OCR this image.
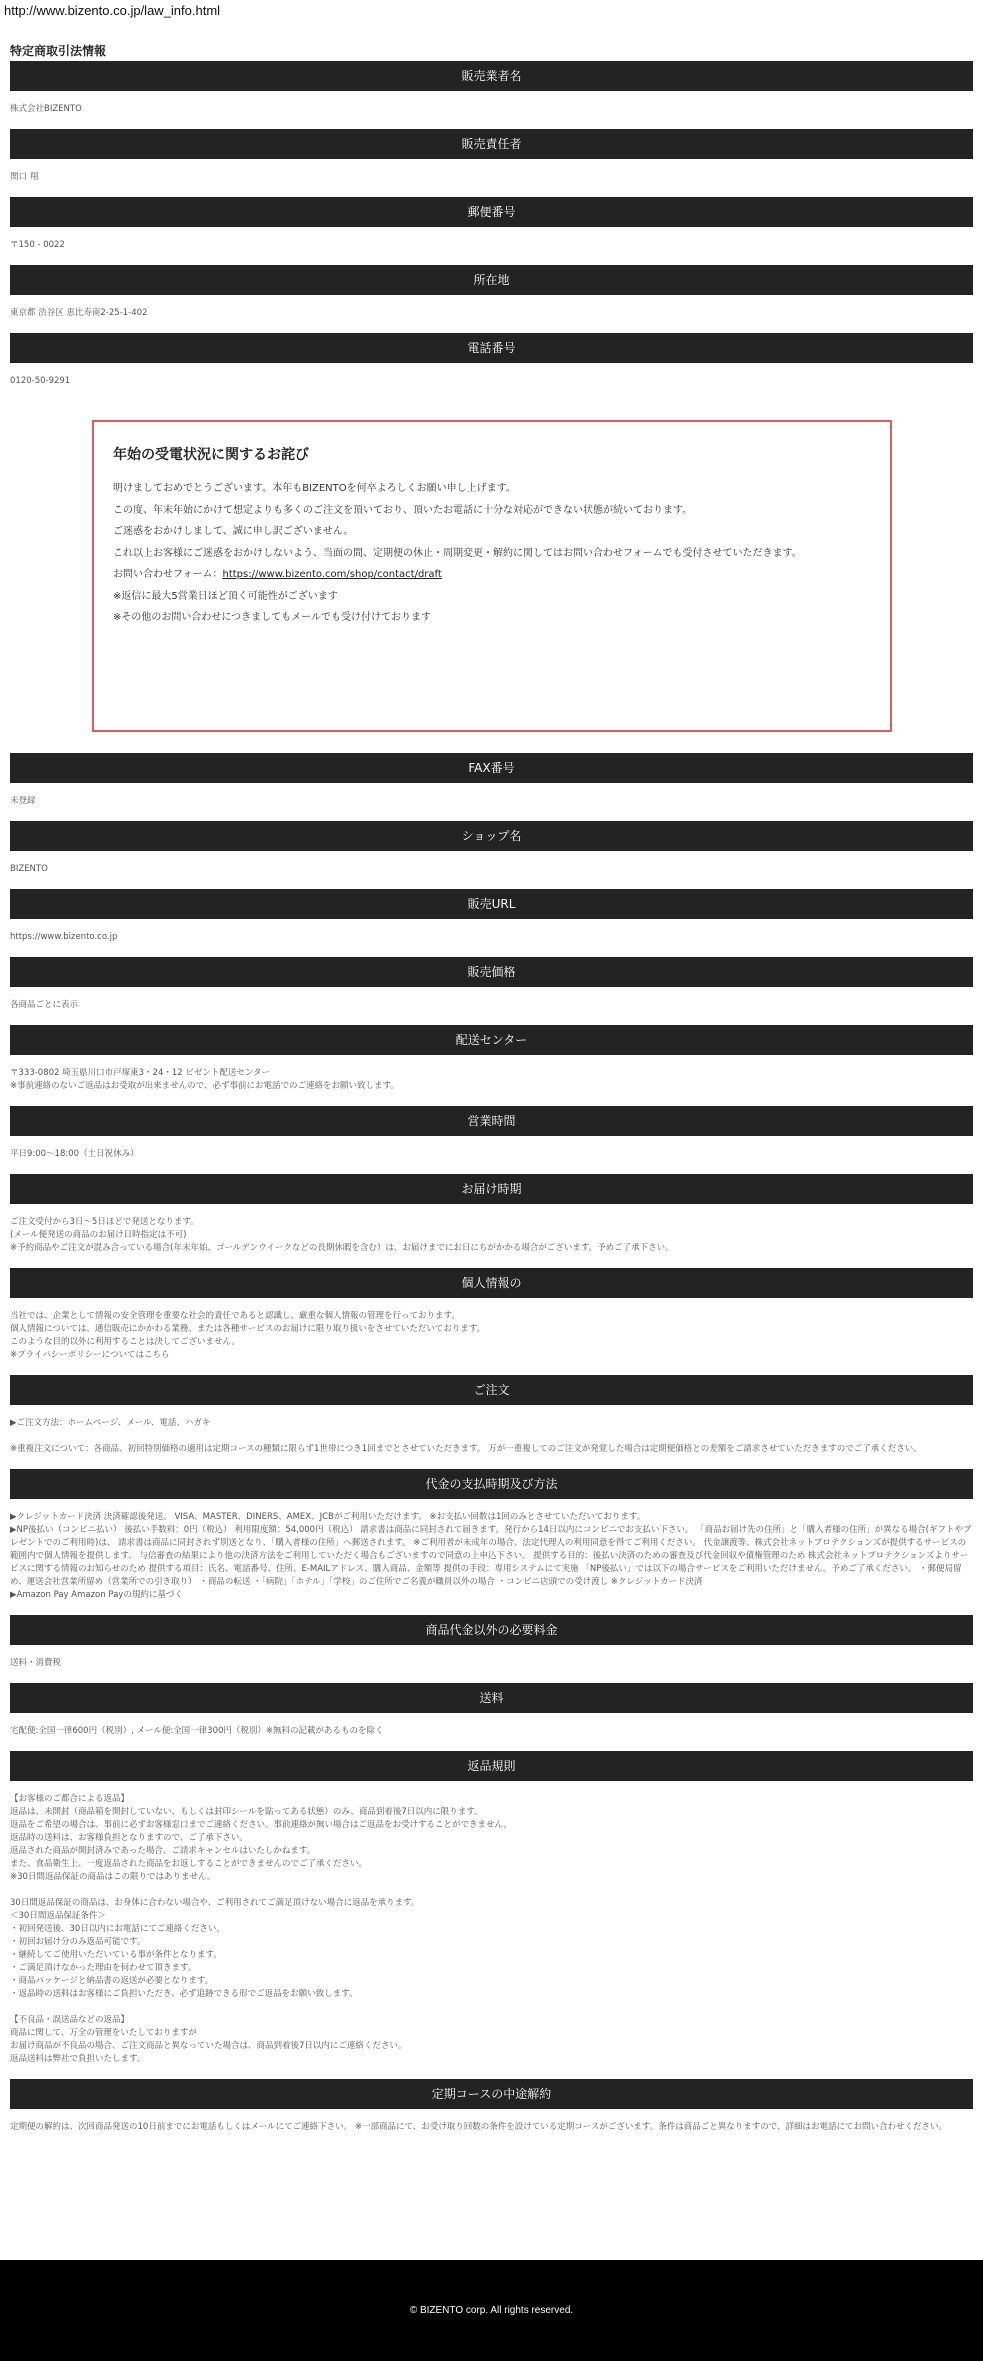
http://www.bizento.co.jp/law_info.html
特定商取引法情報
販売業者名

株式会社BIZENTO

販売責任者

関口 翔

郵便番号

〒150 - 0022

所在地

東京都 渋谷区 恵比寿南2-25-1-402

電話番号

0120-50-9291

年始の受電状況に関するお詫び

明けましておめでとうございます。本年もBIZENTOを何卒よろしくお願い申し上げます。

この度、年末年始にかけて想定よりも多くのご注文を頂いており、頂いたお電話に十分な対応ができない状態が続いております。

ご迷惑をおかけしまして、誠に申し訳ございません。

これ以上お客様にご迷惑をおかけしないよう、当面の間、定期便の休止・周期変更・解約に関してはお問い合わせフォームでも受付させていただきます。

お問い合わせフォーム：https://www.bizento.com/shop/contact/draft

※返信に最大5営業日ほど頂く可能性がございます

※その他のお問い合わせにつきましてもメールでも受け付けております

FAX番号

未登録

ショップ名

BIZENTO

販売URL

https://www.bizento.co.jp

販売価格

各商品ごとに表示

配送センター

〒333-0802 埼玉県川口市戸塚東3・24・12 ビゼント配送センター

※事前連絡のないご返品はお受取が出来ませんので、必ず事前にお電話でのご連絡をお願い致します。

営業時間

平日9:00〜18:00（土日祝休み）

お届け時期

ご注文受付から3日〜5日ほどで発送となります。

(メール便発送の商品のお届け日時指定は不可)

※予約商品やご注文が混み合っている場合(年末年始、ゴールデンウイークなどの長期休暇を含む）は、お届けまでにお日にちがかかる場合がございます。予めご了承下さい。

個人情報の

当社では、企業として情報の安全管理を重要な社会的責任であると認識し、厳重な個人情報の管理を行っております。

個人情報については、通信販売にかかわる業務、または各種サービスのお届けに限り取り扱いをさせていただいております。

このような目的以外に利用することは決してございません。

※プライバシーポリシーについてはこちら

ご注文

▶ご注文方法：ホームページ、メール、電話、ハガキ

※重複注文について：各商品、初回特別価格の適用は定期コースの種類に限らず1世帯につき1回までとさせていただきます。 万が一重複してのご注文が発覚した場合は定期便価格との差額をご請求させていただきますのでご了承ください。

代金の支払時期及び方法

▶クレジットカード決済 決済確認後発送。 VISA、MASTER、DINERS、AMEX、JCBがご利用いただけます。 ※お支払い回数は1回のみとさせていただいております。

▶NP後払い（コンビニ払い） 後払い手数料：0円（税込） 利用限度額：54,000円（税込） 請求書は商品に同封されて届きます。発行から14日以内にコンビニでお支払い下さい。 「商品お届け先の住所」と「購入者様の住所」が異なる場合(ギフトやプレゼントでのご利用時)は、 請求書は商品に同封されず別送となり、「購入者様の住所」へ郵送されます。 ※ご利用者が未成年の場合、法定代理人の利用同意を得てご利用ください。 代金譲渡等、株式会社ネットプロテクションズが提供するサービスの範囲内で個人情報を提供します。 与信審査の結果により他の決済方法をご利用していただく場合もございますので同意の上申込下さい。 提供する目的：後払い決済のための審査及び代金回収や債権管理のため 株式会社ネットプロテクションズよりサービスに関する情報のお知らせのため 提供する項目：氏名、電話番号、住所、E-MAILアドレス、購入商品、金額等 提供の手段：専用システムにて実施 「NP後払い」では以下の場合サービスをご利用いただけません。予めご了承ください。 ・郵便局留め、運送会社営業所留め（営業所での引き取り） ・商品の転送 ・「病院」「ホテル」「学校」のご住所でご名義が職員以外の場合 ・コンビニ店頭での受け渡し ※クレジットカード決済

▶Amazon Pay Amazon Payの規約に基づく

商品代金以外の必要料金

送料・消費税

送料

宅配便:全国一律600円（税別）, メール便:全国一律300円（税別）※無料の記載があるものを除く

返品規則

【お客様のご都合による返品】

返品は、未開封（商品箱を開封していない、もしくは封印シールを貼ってある状態）のみ、商品到着後7日以内に限ります。

返品をご希望の場合は、事前に必ずお客様窓口までご連絡ください。事前連絡が無い場合はご返品をお受けすることができません。

返品時の送料は、お客様負担となりますので、ご了承下さい。

返品された商品が開封済みであった場合、ご請求キャンセルはいたしかねます。

また、食品衛生上、一度返品された商品をお返しすることができませんのでご了承ください。

※30日間返品保証の商品はこの限りではありません。

30日間返品保証の商品は、お身体に合わない場合や、ご利用されてご満足頂けない場合に返品を承ります。

＜30日間返品保証条件＞

・初回発送後、30日以内にお電話にてご連絡ください。

・初回お届け分のみ返品可能です。

・継続してご使用いただいている事が条件となります。

・ご満足頂けなかった理由を伺わせて頂きます。

・商品パッケージと納品書の返送が必要となります。

・返品時の送料はお客様にご負担いただき、必ず追跡できる形でご返品をお願い致します。

【不良品・誤送品などの返品】

商品に関して、万全の管理をいたしておりますが

お届け商品が不良品の場合、ご注文商品と異なっていた場合は、商品到着後7日以内にご連絡ください。

返品送料は弊社で負担いたします。

定期コースの中途解約

定期便の解約は、次回商品発送の10日前までにお電話もしくはメールにてご連絡下さい。 ※一部商品にて、お受け取り回数の条件を設けている定期コースがございます。条件は商品ごと異なりますので、詳細はお電話にてお問い合わせください。

© BIZENTO corp. All rights reserved.
